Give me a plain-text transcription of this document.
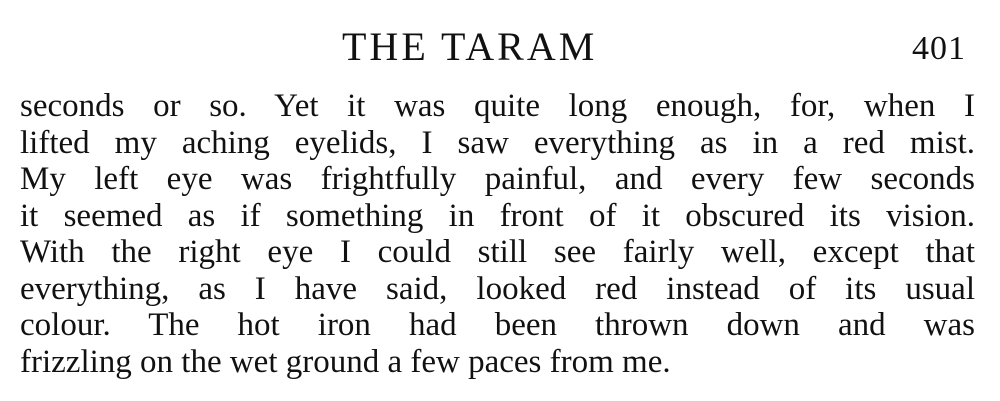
THE TARAM	401
seconds or so. Yet it was quite long enough, for, when I
lifted my aching eyelids, I saw everything as in a red mist.
My left eye was frightfully painful, and every few seconds
it seemed as if something in front of it obscured its vision.
With the right eye I could still see fairly well, except that
everything, as I have said, looked red instead of its usual
colour. The hot iron had been thrown down and was
frizzling on the wet ground a few paces from me.
